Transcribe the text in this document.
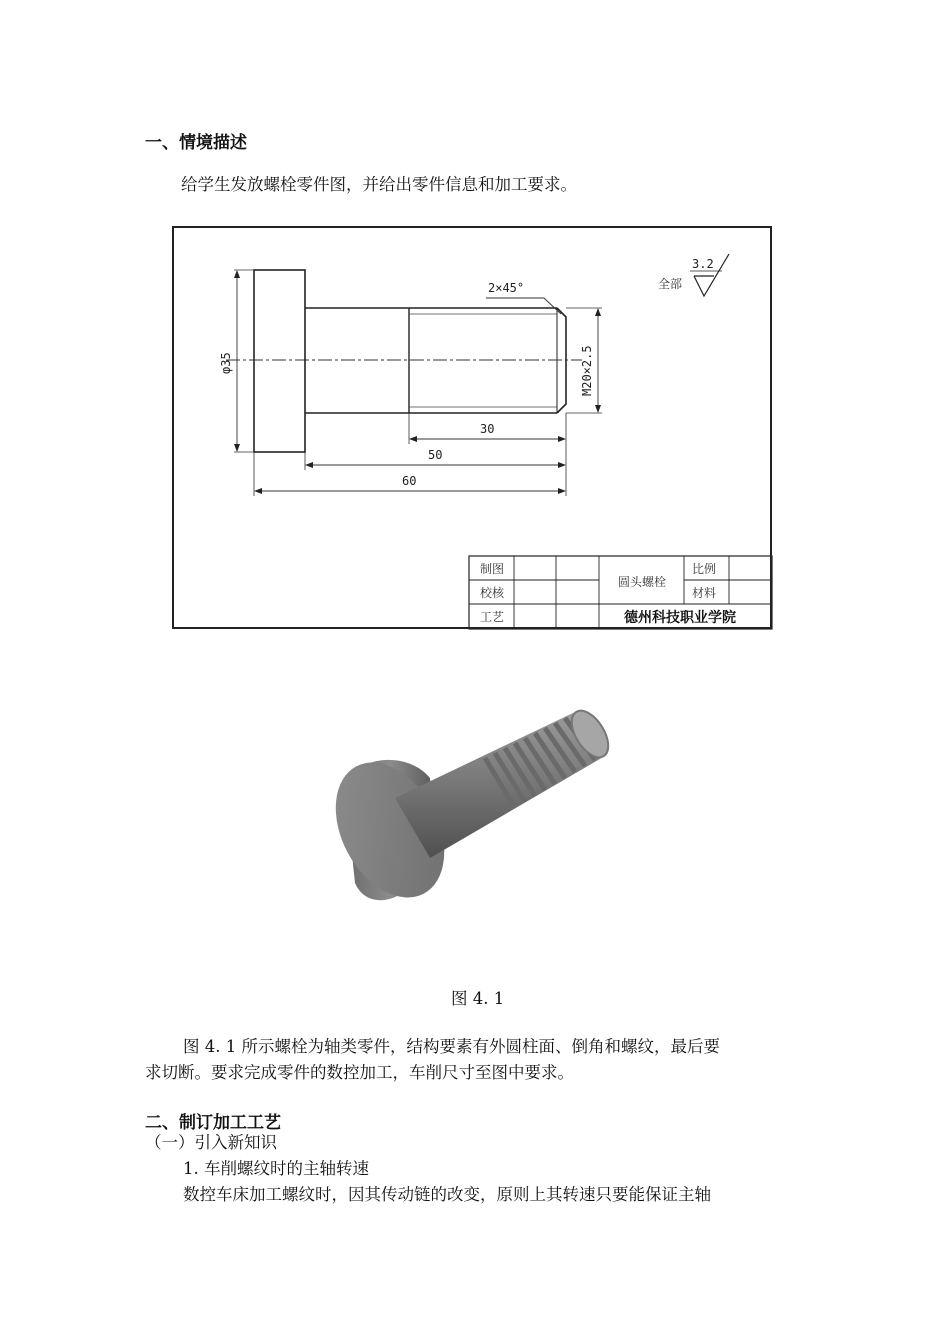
一、情境描述
给学生发放螺栓零件图，并给出零件信息和加工要求。
φ35	M20×2.5
2×45°
30
50
60
全部
3.2
制图
校核
工艺
圆头螺栓
比例
材料
德州科技职业学院
图 4. 1
图 4. 1 所示螺栓为轴类零件，结构要素有外圆柱面、倒角和螺纹，最后要
求切断。要求完成零件的数控加工，车削尺寸至图中要求。
二、制订加工工艺
（一）引入新知识
1. 车削螺纹时的主轴转速
数控车床加工螺纹时，因其传动链的改变，原则上其转速只要能保证主轴
